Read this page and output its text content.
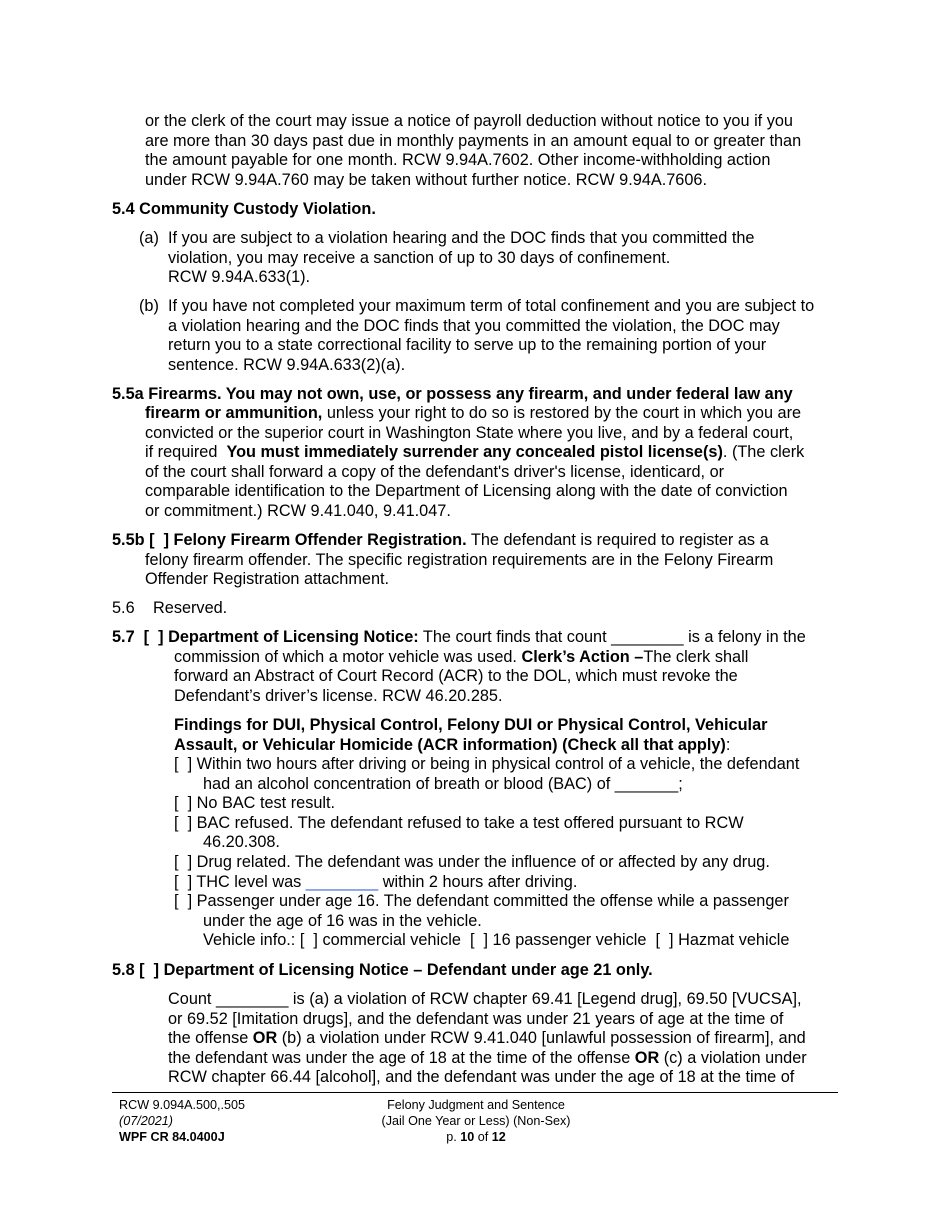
or the clerk of the court may issue a notice of payroll deduction without notice to you if you

are more than 30 days past due in monthly payments in an amount equal to or greater than

the amount payable for one month. RCW 9.94A.7602. Other income-withholding action

under RCW 9.94A.760 may be taken without further notice. RCW 9.94A.7606.

5.4 Community Custody Violation.

(a) If you are subject to a violation hearing and the DOC finds that you committed the

violation, you may receive a sanction of up to 30 days of confinement.

RCW 9.94A.633(1).

(b) If you have not completed your maximum term of total confinement and you are subject to

a violation hearing and the DOC finds that you committed the violation, the DOC may

return you to a state correctional facility to serve up to the remaining portion of your

sentence. RCW 9.94A.633(2)(a).

5.5a Firearms. You may not own, use, or possess any firearm, and under federal law any

firearm or ammunition, unless your right to do so is restored by the court in which you are

convicted or the superior court in Washington State where you live, and by a federal court,

if required  You must immediately surrender any concealed pistol license(s). (The clerk

of the court shall forward a copy of the defendant's driver's license, identicard, or

comparable identification to the Department of Licensing along with the date of conviction

or commitment.) RCW 9.41.040, 9.41.047.

5.5b [  ] Felony Firearm Offender Registration. The defendant is required to register as a

felony firearm offender. The specific registration requirements are in the Felony Firearm

Offender Registration attachment.

5.6 Reserved.

5.7  [  ] Department of Licensing Notice: The court finds that count ________ is a felony in the

commission of which a motor vehicle was used. Clerk’s Action –The clerk shall

forward an Abstract of Court Record (ACR) to the DOL, which must revoke the

Defendant’s driver’s license. RCW 46.20.285.

Findings for DUI, Physical Control, Felony DUI or Physical Control, Vehicular

Assault, or Vehicular Homicide (ACR information) (Check all that apply):

[  ] Within two hours after driving or being in physical control of a vehicle, the defendant

had an alcohol concentration of breath or blood (BAC) of _______;

[  ] No BAC test result.

[  ] BAC refused. The defendant refused to take a test offered pursuant to RCW

46.20.308.

[  ] Drug related. The defendant was under the influence of or affected by any drug.

[  ] THC level was ________ within 2 hours after driving.

[  ] Passenger under age 16. The defendant committed the offense while a passenger

under the age of 16 was in the vehicle.

Vehicle info.: [  ] commercial vehicle  [  ] 16 passenger vehicle  [  ] Hazmat vehicle

5.8 [  ] Department of Licensing Notice – Defendant under age 21 only.

Count ________ is (a) a violation of RCW chapter 69.41 [Legend drug], 69.50 [VUCSA],

or 69.52 [Imitation drugs], and the defendant was under 21 years of age at the time of

the offense OR (b) a violation under RCW 9.41.040 [unlawful possession of firearm], and

the defendant was under the age of 18 at the time of the offense OR (c) a violation under

RCW chapter 66.44 [alcohol], and the defendant was under the age of 18 at the time of

RCW 9.094A.500,.505
(07/2021)
WPF CR 84.0400J
Felony Judgment and Sentence
(Jail One Year or Less) (Non-Sex)
p. 10 of 12
